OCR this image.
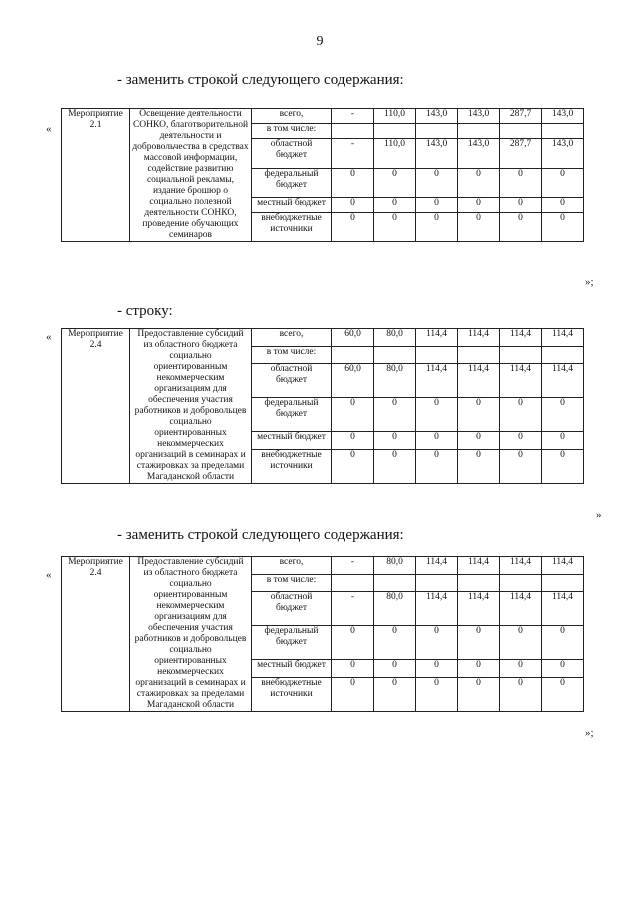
9
- заменить строкой следующего содержания:
«
Мероприятие 2.1	Освещение деятельности СОНКО, благотворительной деятельности и добровольчества в средствах массовой информации, содействие развитию социальной рекламы, издание брошюр о социально полезной деятельности СОНКО, проведение обучающих семинаров	всего,	-	110,0	143,0	143,0	287,7	143,0
		в том числе:						
		областной бюджет	-	110,0	143,0	143,0	287,7	143,0
		федеральный бюджет	0	0	0	0	0	0
		местный бюджет	0	0	0	0	0	0
		внебюджетные источники	0	0	0	0	0	0
»;
- строку:
« Мероприятие 2.4	Предоставление субсидий из областного бюджета социально ориентированным некоммерческим организациям для обеспечения участия работников и добровольцев социально ориентированных некоммерческих организаций в семинарах и стажировках за пределами Магаданской области	всего,	60,0	80,0	114,4	114,4	114,4	114,4
		в том числе:						
		областной бюджет	60,0	80,0	114,4	114,4	114,4	114,4
		федеральный бюджет	0	0	0	0	0	0
		местный бюджет	0	0	0	0	0	0
		внебюджетные источники	0	0	0	0	0	0
»
- заменить строкой следующего содержания:
«
Мероприятие 2.4	Предоставление субсидий из областного бюджета социально ориентированным некоммерческим организациям для обеспечения участия работников и добровольцев социально ориентированных некоммерческих организаций в семинарах и стажировках за пределами Магаданской области	всего,	-	80,0	114,4	114,4	114,4	114,4
		в том числе:						
		областной бюджет	-	80,0	114,4	114,4	114,4	114,4
		федеральный бюджет	0	0	0	0	0	0
		местный бюджет	0	0	0	0	0	0
		внебюджетные источники	0	0	0	0	0	0
»;
